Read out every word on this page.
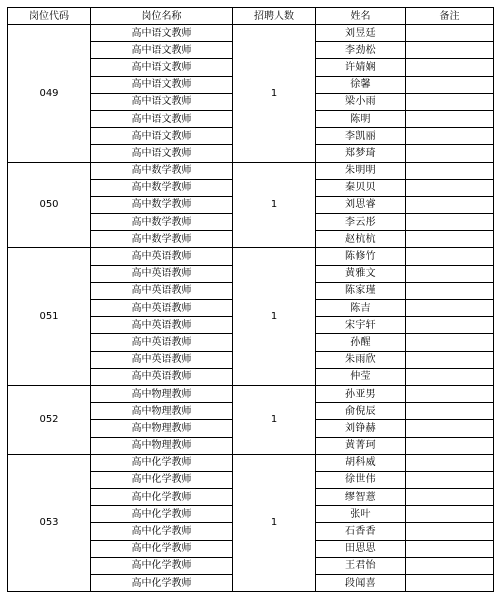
岗位代码	岗位名称	招聘人数	姓名	备注
049	高中语文教师	1	刘昱廷	
	高中语文教师		李劲松	
	高中语文教师		许婧娴	
	高中语文教师		徐馨	
	高中语文教师		梁小雨	
	高中语文教师		陈明	
	高中语文教师		李凯丽	
	高中语文教师		郑梦琦	
050	高中数学教师	1	朱明明	
	高中数学教师		秦贝贝	
	高中数学教师		刘思睿	
	高中数学教师		李云彤	
	高中数学教师		赵杭杭	
051	高中英语教师	1	陈修竹	
	高中英语教师		黄雅文	
	高中英语教师		陈家瑾	
	高中英语教师		陈吉	
	高中英语教师		宋宇轩	
	高中英语教师		孙醒	
	高中英语教师		朱雨欣	
	高中英语教师		仲莹	
052	高中物理教师	1	孙亚男	
	高中物理教师		俞倪辰	
	高中物理教师		刘铮赫	
	高中物理教师		黄菁珂	
053	高中化学教师	1	胡科威	
	高中化学教师		徐世伟	
	高中化学教师		缪智薏	
	高中化学教师		张叶	
	高中化学教师		石香香	
	高中化学教师		田思思	
	高中化学教师		王君怡	
	高中化学教师		段闻喜	
